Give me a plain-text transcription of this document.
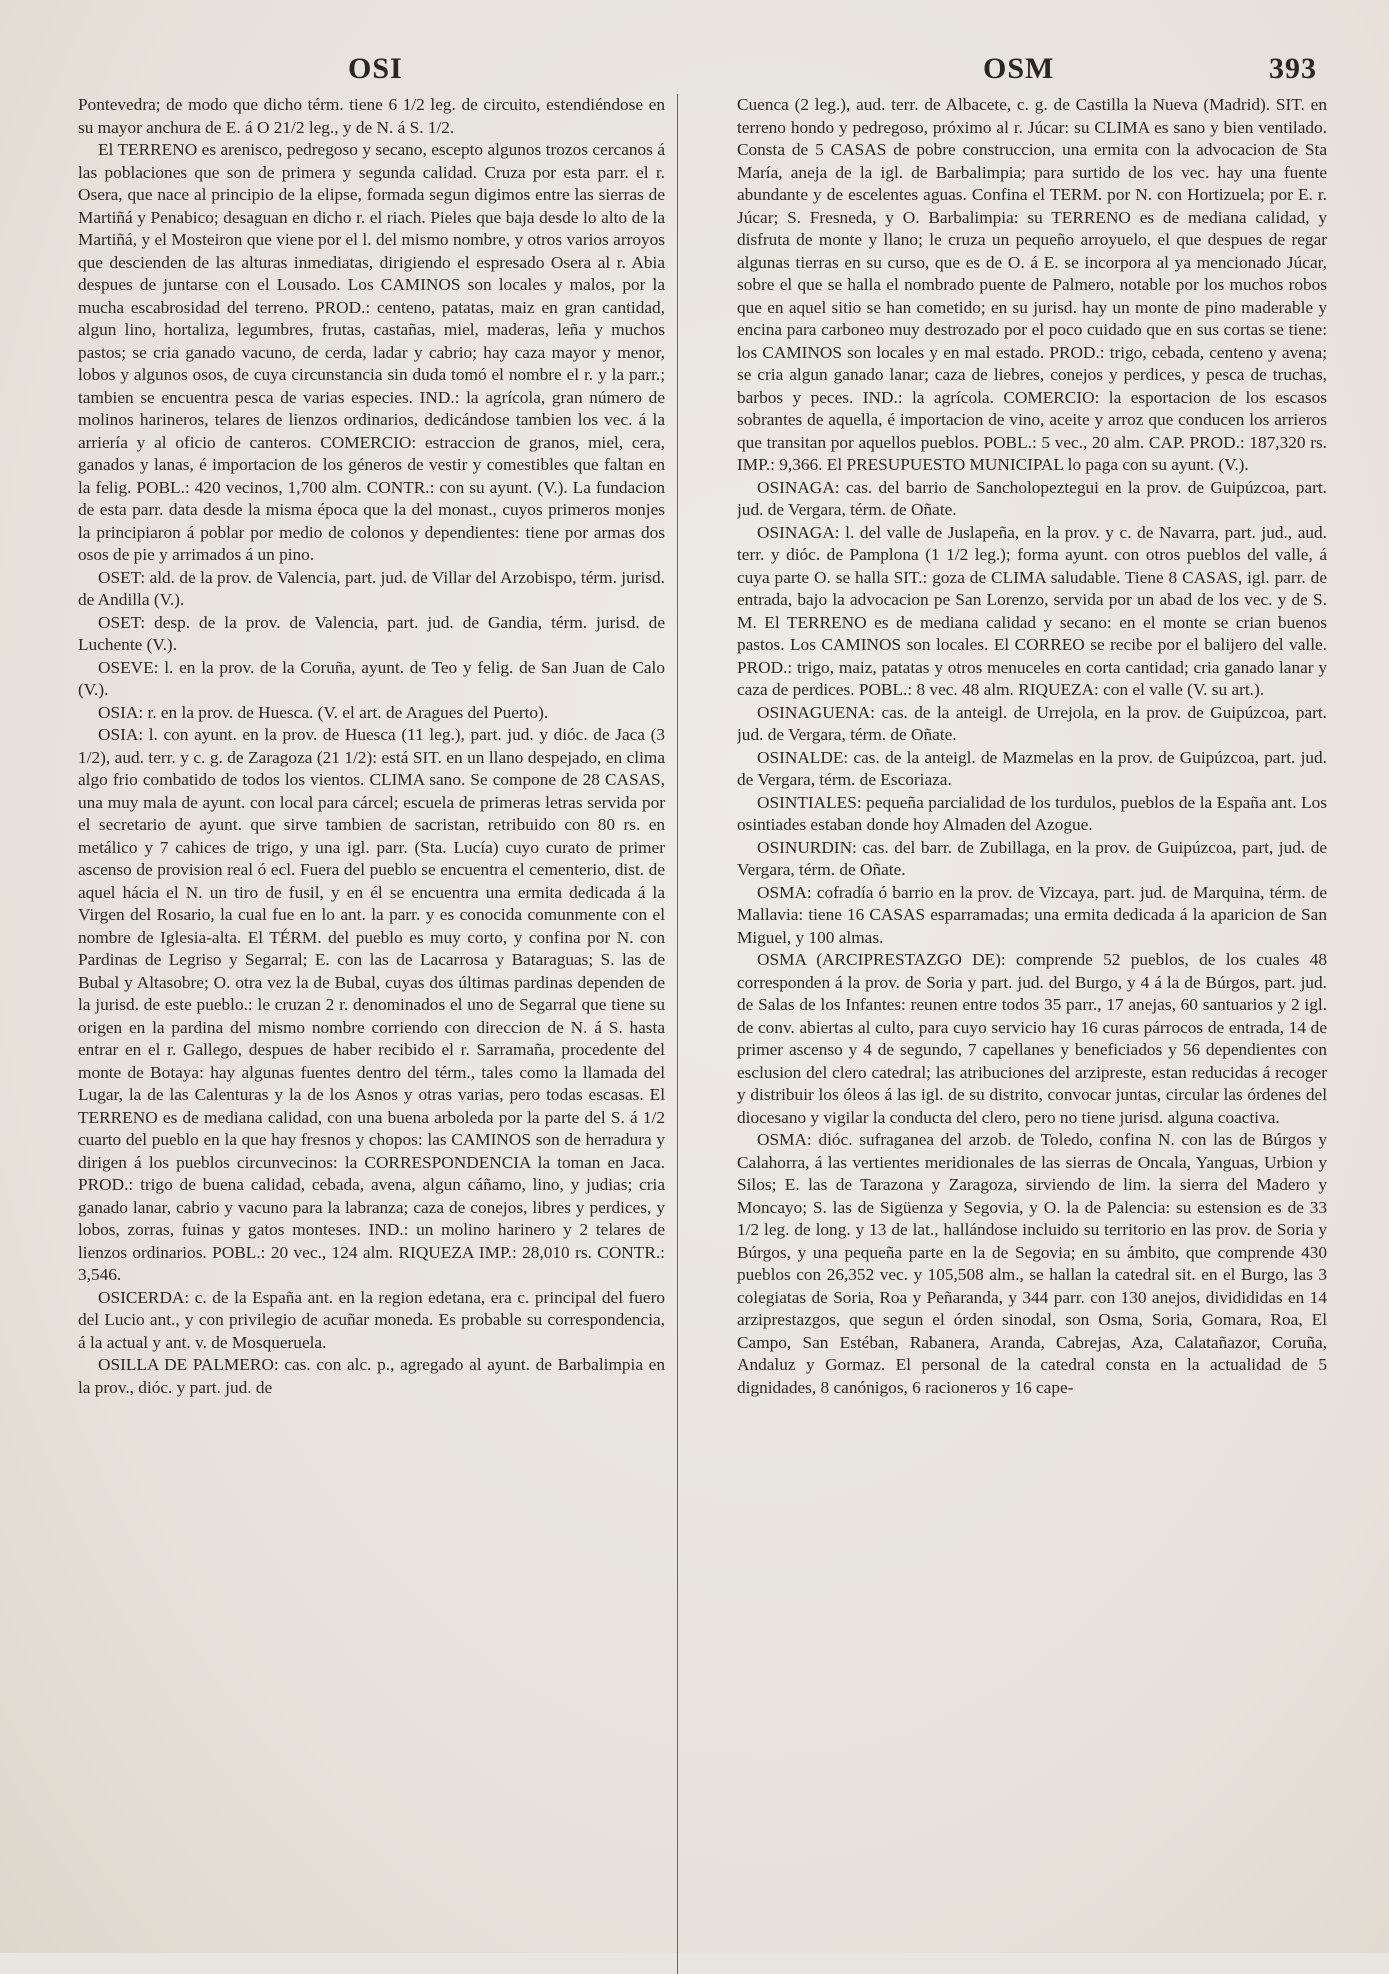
OSI	OSM	393

Pontevedra; de modo que dicho térm. tiene 6 1/2 leg. de circuito, estendiéndose en su mayor anchura de E. á O 21/2 leg., y de N. á S. 1/2.

El TERRENO es arenisco, pedregoso y secano, escepto algunos trozos cercanos á las poblaciones que son de primera y segunda calidad. Cruza por esta parr. el r. Osera, que nace al principio de la elipse, formada segun digimos entre las sierras de Martiñá y Penabico; desaguan en dicho r. el riach. Pieles que baja desde lo alto de la Martiñá, y el Mosteiron que viene por el l. del mismo nombre, y otros varios arroyos que descienden de las alturas inmediatas, dirigiendo el espresado Osera al r. Abia despues de juntarse con el Lousado. Los CAMINOS son locales y malos, por la mucha escabrosidad del terreno. PROD.: centeno, patatas, maiz en gran cantidad, algun lino, hortaliza, legumbres, frutas, castañas, miel, maderas, leña y muchos pastos; se cria ganado vacuno, de cerda, ladar y cabrio; hay caza mayor y menor, lobos y algunos osos, de cuya circunstancia sin duda tomó el nombre el r. y la parr.; tambien se encuentra pesca de varias especies. IND.: la agrícola, gran número de molinos harineros, telares de lienzos ordinarios, dedicándose tambien los vec. á la arriería y al oficio de canteros. COMERCIO: estraccion de granos, miel, cera, ganados y lanas, é importacion de los géneros de vestir y comestibles que faltan en la felig. POBL.: 420 vecinos, 1,700 alm. CONTR.: con su ayunt. (V.). La fundacion de esta parr. data desde la misma época que la del monast., cuyos primeros monjes la principiaron á poblar por medio de colonos y dependientes: tiene por armas dos osos de pie y arrimados á un pino.

OSET: ald. de la prov. de Valencia, part. jud. de Villar del Arzobispo, térm. jurisd. de Andilla (V.).

OSET: desp. de la prov. de Valencia, part. jud. de Gandia, térm. jurisd. de Luchente (V.).

OSEVE: l. en la prov. de la Coruña, ayunt. de Teo y felig. de San Juan de Calo (V.).

OSIA: r. en la prov. de Huesca. (V. el art. de Aragues del Puerto).

OSIA: l. con ayunt. en la prov. de Huesca (11 leg.), part. jud. y dióc. de Jaca (3 1/2), aud. terr. y c. g. de Zaragoza (21 1/2): está SIT. en un llano despejado, en clima algo frio combatido de todos los vientos. CLIMA sano. Se compone de 28 CASAS, una muy mala de ayunt. con local para cárcel; escuela de primeras letras servida por el secretario de ayunt. que sirve tambien de sacristan, retribuido con 80 rs. en metálico y 7 cahices de trigo, y una igl. parr. (Sta. Lucía) cuyo curato de primer ascenso de provision real ó ecl. Fuera del pueblo se encuentra el cementerio, dist. de aquel hácia el N. un tiro de fusil, y en él se encuentra una ermita dedicada á la Virgen del Rosario, la cual fue en lo ant. la parr. y es conocida comunmente con el nombre de Iglesia-alta. El TÉRM. del pueblo es muy corto, y confina por N. con Pardinas de Legriso y Segarral; E. con las de Lacarrosa y Bataraguas; S. las de Bubal y Altasobre; O. otra vez la de Bubal, cuyas dos últimas pardinas dependen de la jurisd. de este pueblo.: le cruzan 2 r. denominados el uno de Segarral que tiene su origen en la pardina del mismo nombre corriendo con direccion de N. á S. hasta entrar en el r. Gallego, despues de haber recibido el r. Sarramaña, procedente del monte de Botaya: hay algunas fuentes dentro del térm., tales como la llamada del Lugar, la de las Calenturas y la de los Asnos y otras varias, pero todas escasas. El TERRENO es de mediana calidad, con una buena arboleda por la parte del S. á 1/2 cuarto del pueblo en la que hay fresnos y chopos: las CAMINOS son de herradura y dirigen á los pueblos circunvecinos: la CORRESPONDENCIA la toman en Jaca. PROD.: trigo de buena calidad, cebada, avena, algun cáñamo, lino, y judias; cria ganado lanar, cabrio y vacuno para la labranza; caza de conejos, libres y perdices, y lobos, zorras, fuinas y gatos monteses. IND.: un molino harinero y 2 telares de lienzos ordinarios. POBL.: 20 vec., 124 alm. RIQUEZA IMP.: 28,010 rs. CONTR.: 3,546.

OSICERDA: c. de la España ant. en la region edetana, era c. principal del fuero del Lucio ant., y con privilegio de acuñar moneda. Es probable su correspondencia, á la actual y ant. v. de Mosqueruela.

OSILLA DE PALMERO: cas. con alc. p., agregado al ayunt. de Barbalimpia en la prov., dióc. y part. jud. de

Cuenca (2 leg.), aud. terr. de Albacete, c. g. de Castilla la Nueva (Madrid). SIT. en terreno hondo y pedregoso, próximo al r. Júcar: su CLIMA es sano y bien ventilado. Consta de 5 CASAS de pobre construccion, una ermita con la advocacion de Sta María, aneja de la igl. de Barbalimpia; para surtido de los vec. hay una fuente abundante y de escelentes aguas. Confina el TERM. por N. con Hortizuela; por E. r. Júcar; S. Fresneda, y O. Barbalimpia: su TERRENO es de mediana calidad, y disfruta de monte y llano; le cruza un pequeño arroyuelo, el que despues de regar algunas tierras en su curso, que es de O. á E. se incorpora al ya mencionado Júcar, sobre el que se halla el nombrado puente de Palmero, notable por los muchos robos que en aquel sitio se han cometido; en su jurisd. hay un monte de pino maderable y encina para carboneo muy destrozado por el poco cuidado que en sus cortas se tiene: los CAMINOS son locales y en mal estado. PROD.: trigo, cebada, centeno y avena; se cria algun ganado lanar; caza de liebres, conejos y perdices, y pesca de truchas, barbos y peces. IND.: la agrícola. COMERCIO: la esportacion de los escasos sobrantes de aquella, é importacion de vino, aceite y arroz que conducen los arrieros que transitan por aquellos pueblos. POBL.: 5 vec., 20 alm. CAP. PROD.: 187,320 rs. IMP.: 9,366. El PRESUPUESTO MUNICIPAL lo paga con su ayunt. (V.).

OSINAGA: cas. del barrio de Sancholopeztegui en la prov. de Guipúzcoa, part. jud. de Vergara, térm. de Oñate.

OSINAGA: l. del valle de Juslapeña, en la prov. y c. de Navarra, part. jud., aud. terr. y dióc. de Pamplona (1 1/2 leg.); forma ayunt. con otros pueblos del valle, á cuya parte O. se halla SIT.: goza de CLIMA saludable. Tiene 8 CASAS, igl. parr. de entrada, bajo la advocacion pe San Lorenzo, servida por un abad de los vec. y de S. M. El TERRENO es de mediana calidad y secano: en el monte se crian buenos pastos. Los CAMINOS son locales. El CORREO se recibe por el balijero del valle. PROD.: trigo, maiz, patatas y otros menuceles en corta cantidad; cria ganado lanar y caza de perdices. POBL.: 8 vec. 48 alm. RIQUEZA: con el valle (V. su art.).

OSINAGUENA: cas. de la anteigl. de Urrejola, en la prov. de Guipúzcoa, part. jud. de Vergara, térm. de Oñate.

OSINALDE: cas. de la anteigl. de Mazmelas en la prov. de Guipúzcoa, part. jud. de Vergara, térm. de Escoriaza.

OSINTIALES: pequeña parcialidad de los turdulos, pueblos de la España ant. Los osintiades estaban donde hoy Almaden del Azogue.

OSINURDIN: cas. del barr. de Zubillaga, en la prov. de Guipúzcoa, part, jud. de Vergara, térm. de Oñate.

OSMA: cofradía ó barrio en la prov. de Vizcaya, part. jud. de Marquina, térm. de Mallavia: tiene 16 CASAS esparramadas; una ermita dedicada á la aparicion de San Miguel, y 100 almas.

OSMA (ARCIPRESTAZGO DE): comprende 52 pueblos, de los cuales 48 corresponden á la prov. de Soria y part. jud. del Burgo, y 4 á la de Búrgos, part. jud. de Salas de los Infantes: reunen entre todos 35 parr., 17 anejas, 60 santuarios y 2 igl. de conv. abiertas al culto, para cuyo servicio hay 16 curas párrocos de entrada, 14 de primer ascenso y 4 de segundo, 7 capellanes y beneficiados y 56 dependientes con esclusion del clero catedral; las atribuciones del arzipreste, estan reducidas á recoger y distribuir los óleos á las igl. de su distrito, convocar juntas, circular las órdenes del diocesano y vigilar la conducta del clero, pero no tiene jurisd. alguna coactiva.

OSMA: dióc. sufraganea del arzob. de Toledo, confina N. con las de Búrgos y Calahorra, á las vertientes meridionales de las sierras de Oncala, Yanguas, Urbion y Silos; E. las de Tarazona y Zaragoza, sirviendo de lim. la sierra del Madero y Moncayo; S. las de Sigüenza y Segovia, y O. la de Palencia: su estension es de 33 1/2 leg. de long. y 13 de lat., hallándose incluido su territorio en las prov. de Soria y Búrgos, y una pequeña parte en la de Segovia; en su ámbito, que comprende 430 pueblos con 26,352 vec. y 105,508 alm., se hallan la catedral sit. en el Burgo, las 3 colegiatas de Soria, Roa y Peñaranda, y 344 parr. con 130 anejos, dividididas en 14 arziprestazgos, que segun el órden sinodal, son Osma, Soria, Gomara, Roa, El Campo, San Estéban, Rabanera, Aranda, Cabrejas, Aza, Calatañazor, Coruña, Andaluz y Gormaz. El personal de la catedral consta en la actualidad de 5 dignidades, 8 canónigos, 6 racioneros y 16 cape-
